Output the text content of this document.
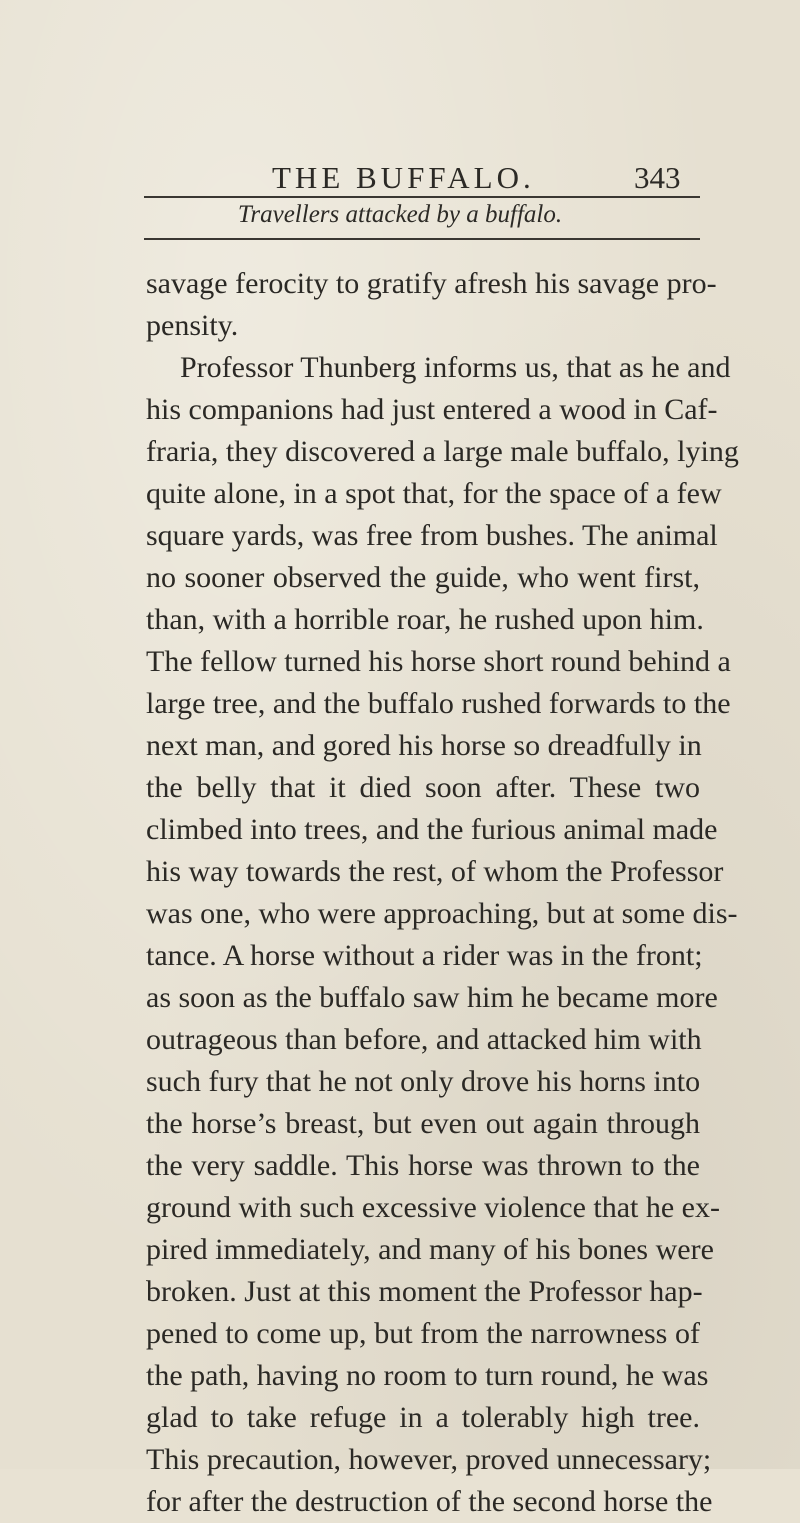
THE BUFFALO.	343
Travellers attacked by a buffalo.
savage ferocity to gratify afresh his savage pro-
pensity.
Professor Thunberg informs us, that as he and
his companions had just entered a wood in Caf-
fraria, they discovered a large male buffalo, lying
quite alone, in a spot that, for the space of a few
square yards, was free from bushes. The animal
no sooner observed the guide, who went first,
than, with a horrible roar, he rushed upon him.
The fellow turned his horse short round behind a
large tree, and the buffalo rushed forwards to the
next man, and gored his horse so dreadfully in
the belly that it died soon after. These two
climbed into trees, and the furious animal made
his way towards the rest, of whom the Professor
was one, who were approaching, but at some dis-
tance. A horse without a rider was in the front;
as soon as the buffalo saw him he became more
outrageous than before, and attacked him with
such fury that he not only drove his horns into
the horse’s breast, but even out again through
the very saddle. This horse was thrown to the
ground with such excessive violence that he ex-
pired immediately, and many of his bones were
broken. Just at this moment the Professor hap-
pened to come up, but from the narrowness of
the path, having no room to turn round, he was
glad to take refuge in a tolerably high tree.
This precaution, however, proved unnecessary;
for after the destruction of the second horse the
